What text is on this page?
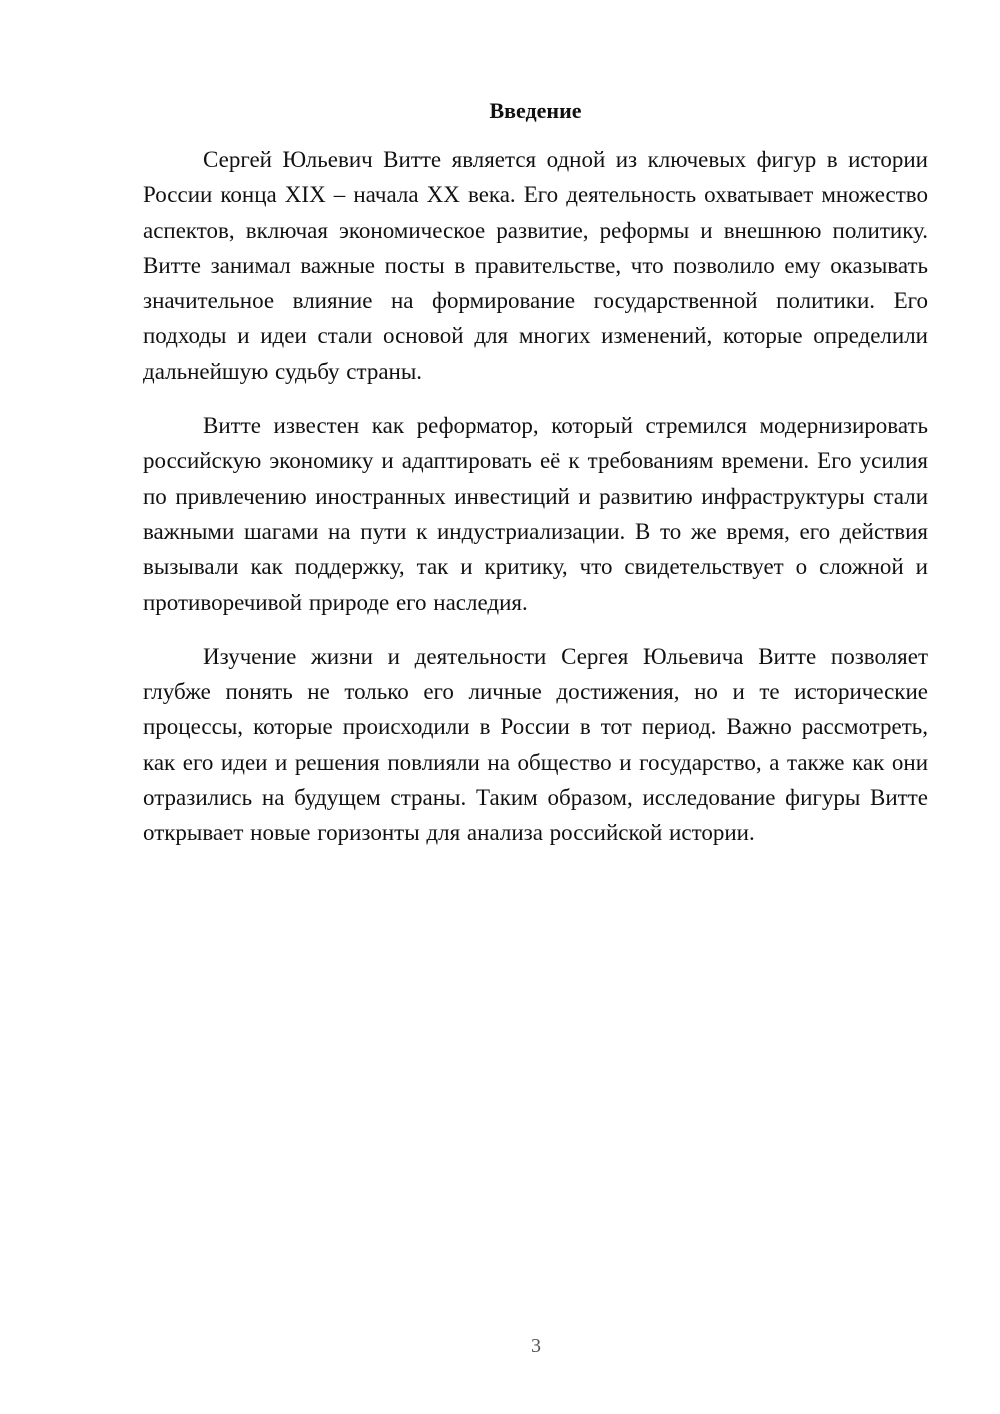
Введение

Сергей Юльевич Витте является одной из ключевых фигур в истории России конца XIX – начала XX века. Его деятельность охватывает множество аспектов, включая экономическое развитие, реформы и внешнюю политику. Витте занимал важные посты в правительстве, что позволило ему оказывать значительное влияние на формирование государственной политики. Его подходы и идеи стали основой для многих изменений, которые определили дальнейшую судьбу страны.

Витте известен как реформатор, который стремился модернизировать российскую экономику и адаптировать её к требованиям времени. Его усилия по привлечению иностранных инвестиций и развитию инфраструктуры стали важными шагами на пути к индустриализации. В то же время, его действия вызывали как поддержку, так и критику, что свидетельствует о сложной и противоречивой природе его наследия.

Изучение жизни и деятельности Сергея Юльевича Витте позволяет глубже понять не только его личные достижения, но и те исторические процессы, которые происходили в России в тот период. Важно рассмотреть, как его идеи и решения повлияли на общество и государство, а также как они отразились на будущем страны. Таким образом, исследование фигуры Витте открывает новые горизонты для анализа российской истории.

3
